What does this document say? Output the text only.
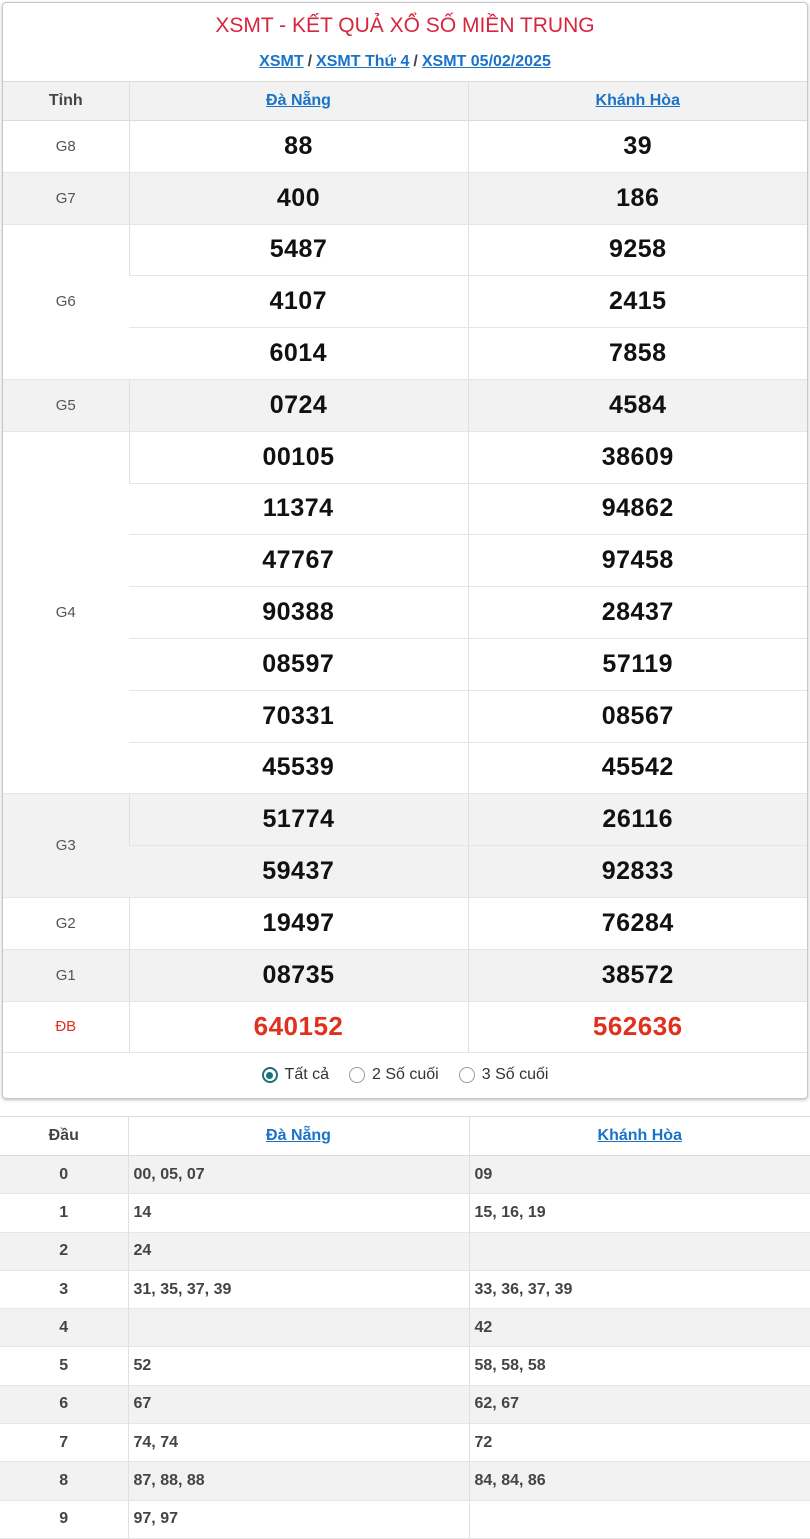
XSMT - KẾT QUẢ XỔ SỐ MIỀN TRUNG
XSMT / XSMT Thứ 4 / XSMT 05/02/2025
Tỉnh	Đà Nẵng	Khánh Hòa
G8	88	39
G7	400	186
G6	5487	9258
	4107	2415
	6014	7858
G5	0724	4584
G4	00105	38609
	11374	94862
	47767	97458
	90388	28437
	08597	57119
	70331	08567
	45539	45542
G3	51774	26116
	59437	92833
G2	19497	76284
G1	08735	38572
ĐB	640152	562636
Tất cả	2 Số cuối	3 Số cuối
Đầu	Đà Nẵng	Khánh Hòa
0	00, 05, 07	09
1	14	15, 16, 19
2	24	
3	31, 35, 37, 39	33, 36, 37, 39
4		42
5	52	58, 58, 58
6	67	62, 67
7	74, 74	72
8	87, 88, 88	84, 84, 86
9	97, 97	
